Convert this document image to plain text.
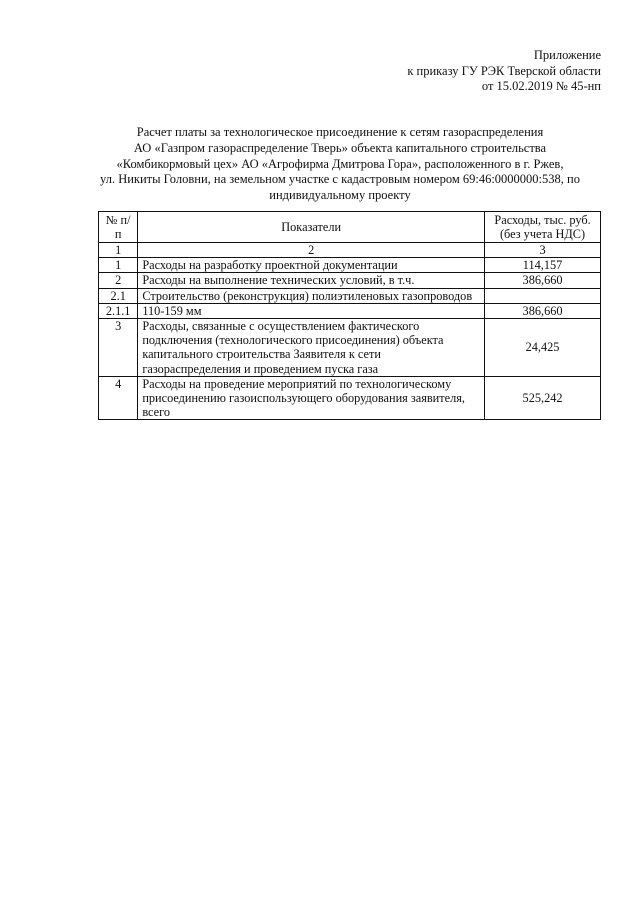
Приложение
к приказу ГУ РЭК Тверской области
от 15.02.2019 № 45-нп
Расчет платы за технологическое присоединение к сетям газораспределения
АО «Газпром газораспределение Тверь» объекта капитального строительства
«Комбикормовый цех» АО «Агрофирма Дмитрова Гора», расположенного в г. Ржев,
ул. Никиты Головни, на земельном участке с кадастровым номером 69:46:0000000:538, по
индивидуальному проекту
№ п/п	Показатели	Расходы, тыс. руб. (без учета НДС)
1	2	3
1	Расходы на разработку проектной документации	114,157
2	Расходы на выполнение технических условий, в т.ч.	386,660
2.1	Строительство (реконструкция) полиэтиленовых газопроводов	
2.1.1	110-159 мм	386,660
3	Расходы, связанные с осуществлением фактического подключения (технологического присоединения) объекта капитального строительства Заявителя к сети газораспределения и проведением пуска газа	24,425
4	Расходы на проведение мероприятий по технологическому присоединению газоиспользующего оборудования заявителя, всего	525,242
